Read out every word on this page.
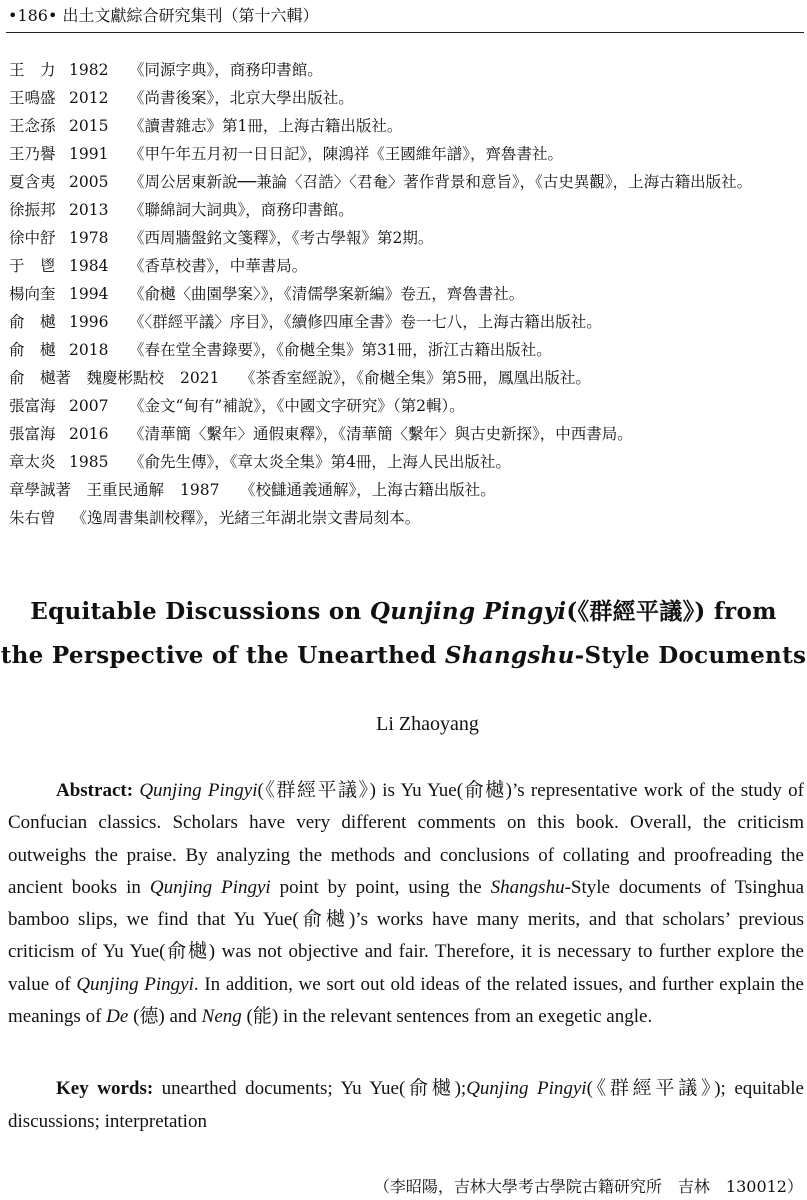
•186• 出土文獻綜合研究集刊（第十六輯）
王　力 1982	《同源字典》，商務印書館。
王鳴盛 2012	《尚書後案》，北京大學出版社。
王念孫 2015	《讀書雜志》第1冊，上海古籍出版社。
王乃譽 1991	《甲午年五月初一日日記》，陳鴻祥《王國維年譜》，齊魯書社。
夏含夷 2005	《周公居東新說──兼論〈召誥〉〈君奙〉著作背景和意旨》，《古史異觀》，上海古籍出版社。
徐振邦 2013	《聯綿詞大詞典》，商務印書館。
徐中舒 1978	《西周牆盤銘文箋釋》，《考古學報》第2期。
于　鬯 1984	《香草校書》，中華書局。
楊向奎 1994	《俞樾〈曲園學案〉》，《清儒學案新編》卷五，齊魯書社。
俞　樾 1996	《〈群經平議〉序目》，《續修四庫全書》卷一七八，上海古籍出版社。
俞　樾 2018	《春在堂全書錄要》，《俞樾全集》第31冊，浙江古籍出版社。
俞　樾著　魏慶彬點校 2021	《茶香室經說》，《俞樾全集》第5冊，鳳凰出版社。
張富海 2007	《金文“甸有”補說》，《中國文字研究》（第2輯）。
張富海 2016	《清華簡〈繫年〉通假東釋》，《清華簡〈繫年〉與古史新探》，中西書局。
章太炎 1985	《俞先生傳》，《章太炎全集》第4冊，上海人民出版社。
章學誠著　王重民通解 1987	《校讎通義通解》，上海古籍出版社。
朱右曾 《逸周書集訓校釋》，光緒三年湖北崇文書局刻本。
Equitable Discussions on Qunjing Pingyi(《群經平議》) from
the Perspective of the Unearthed Shangshu-Style Documents
Li Zhaoyang
Abstract: Qunjing Pingyi(《群經平議》) is Yu Yue(俞樾)’s representative work of the study of Confucian classics. Scholars have very different comments on this book. Overall, the criticism outweighs the praise. By analyzing the methods and conclusions of collating and proofreading the ancient books in Qunjing Pingyi point by point, using the Shangshu-Style documents of Tsinghua bamboo slips, we find that Yu Yue(俞樾)’s works have many merits, and that scholars’ previous criticism of Yu Yue(俞樾) was not objective and fair. Therefore, it is necessary to further explore the value of Qunjing Pingyi. In addition, we sort out old ideas of the related issues, and further explain the meanings of De (德) and Neng (能) in the relevant sentences from an exegetic angle.
Key words: unearthed documents; Yu Yue(俞樾);Qunjing Pingyi(《群經平議》); equitable discussions; interpretation
（李昭陽，吉林大學考古學院古籍研究所　吉林　130012）
